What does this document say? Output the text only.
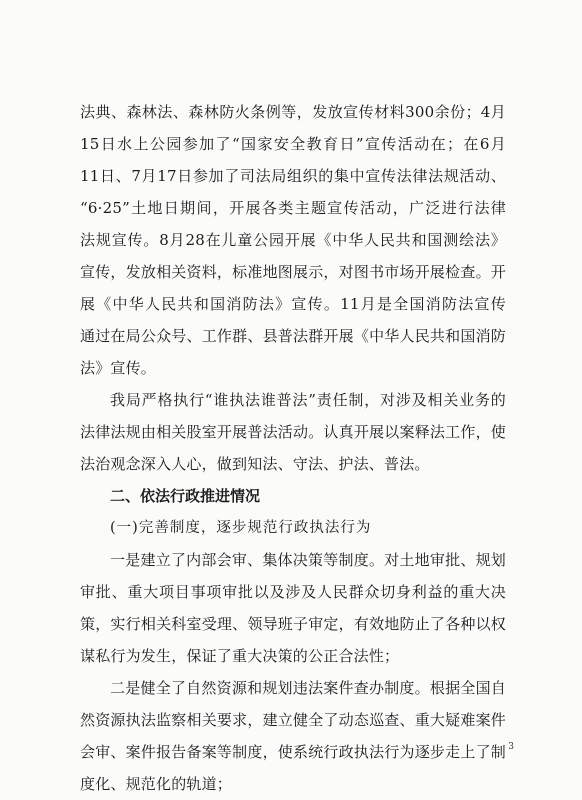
法典、森林法、森林防火条例等，发放宣传材料300余份；4月
15日水上公园参加了“国家安全教育日”宣传活动在；在6月
11日、7月17日参加了司法局组织的集中宣传法律法规活动、
“6·25”土地日期间，开展各类主题宣传活动，广泛进行法律
法规宣传。8月28在儿童公园开展《中华人民共和国测绘法》
宣传，发放相关资料，标准地图展示，对图书市场开展检查。开
展《中华人民共和国消防法》宣传。11月是全国消防法宣传
通过在局公众号、工作群、县普法群开展《中华人民共和国消防
法》宣传。
我局严格执行“谁执法谁普法”责任制，对涉及相关业务的
法律法规由相关股室开展普法活动。认真开展以案释法工作，使
法治观念深入人心，做到知法、守法、护法、普法。
二、依法行政推进情况
(一)完善制度，逐步规范行政执法行为
一是建立了内部会审、集体决策等制度。对土地审批、规划
审批、重大项目事项审批以及涉及人民群众切身利益的重大决
策，实行相关科室受理、领导班子审定，有效地防止了各种以权
谋私行为发生，保证了重大决策的公正合法性；
二是健全了自然资源和规划违法案件查办制度。根据全国自
然资源执法监察相关要求，建立健全了动态巡查、重大疑难案件
会审、案件报告备案等制度，使系统行政执法行为逐步走上了制
度化、规范化的轨道；
3
